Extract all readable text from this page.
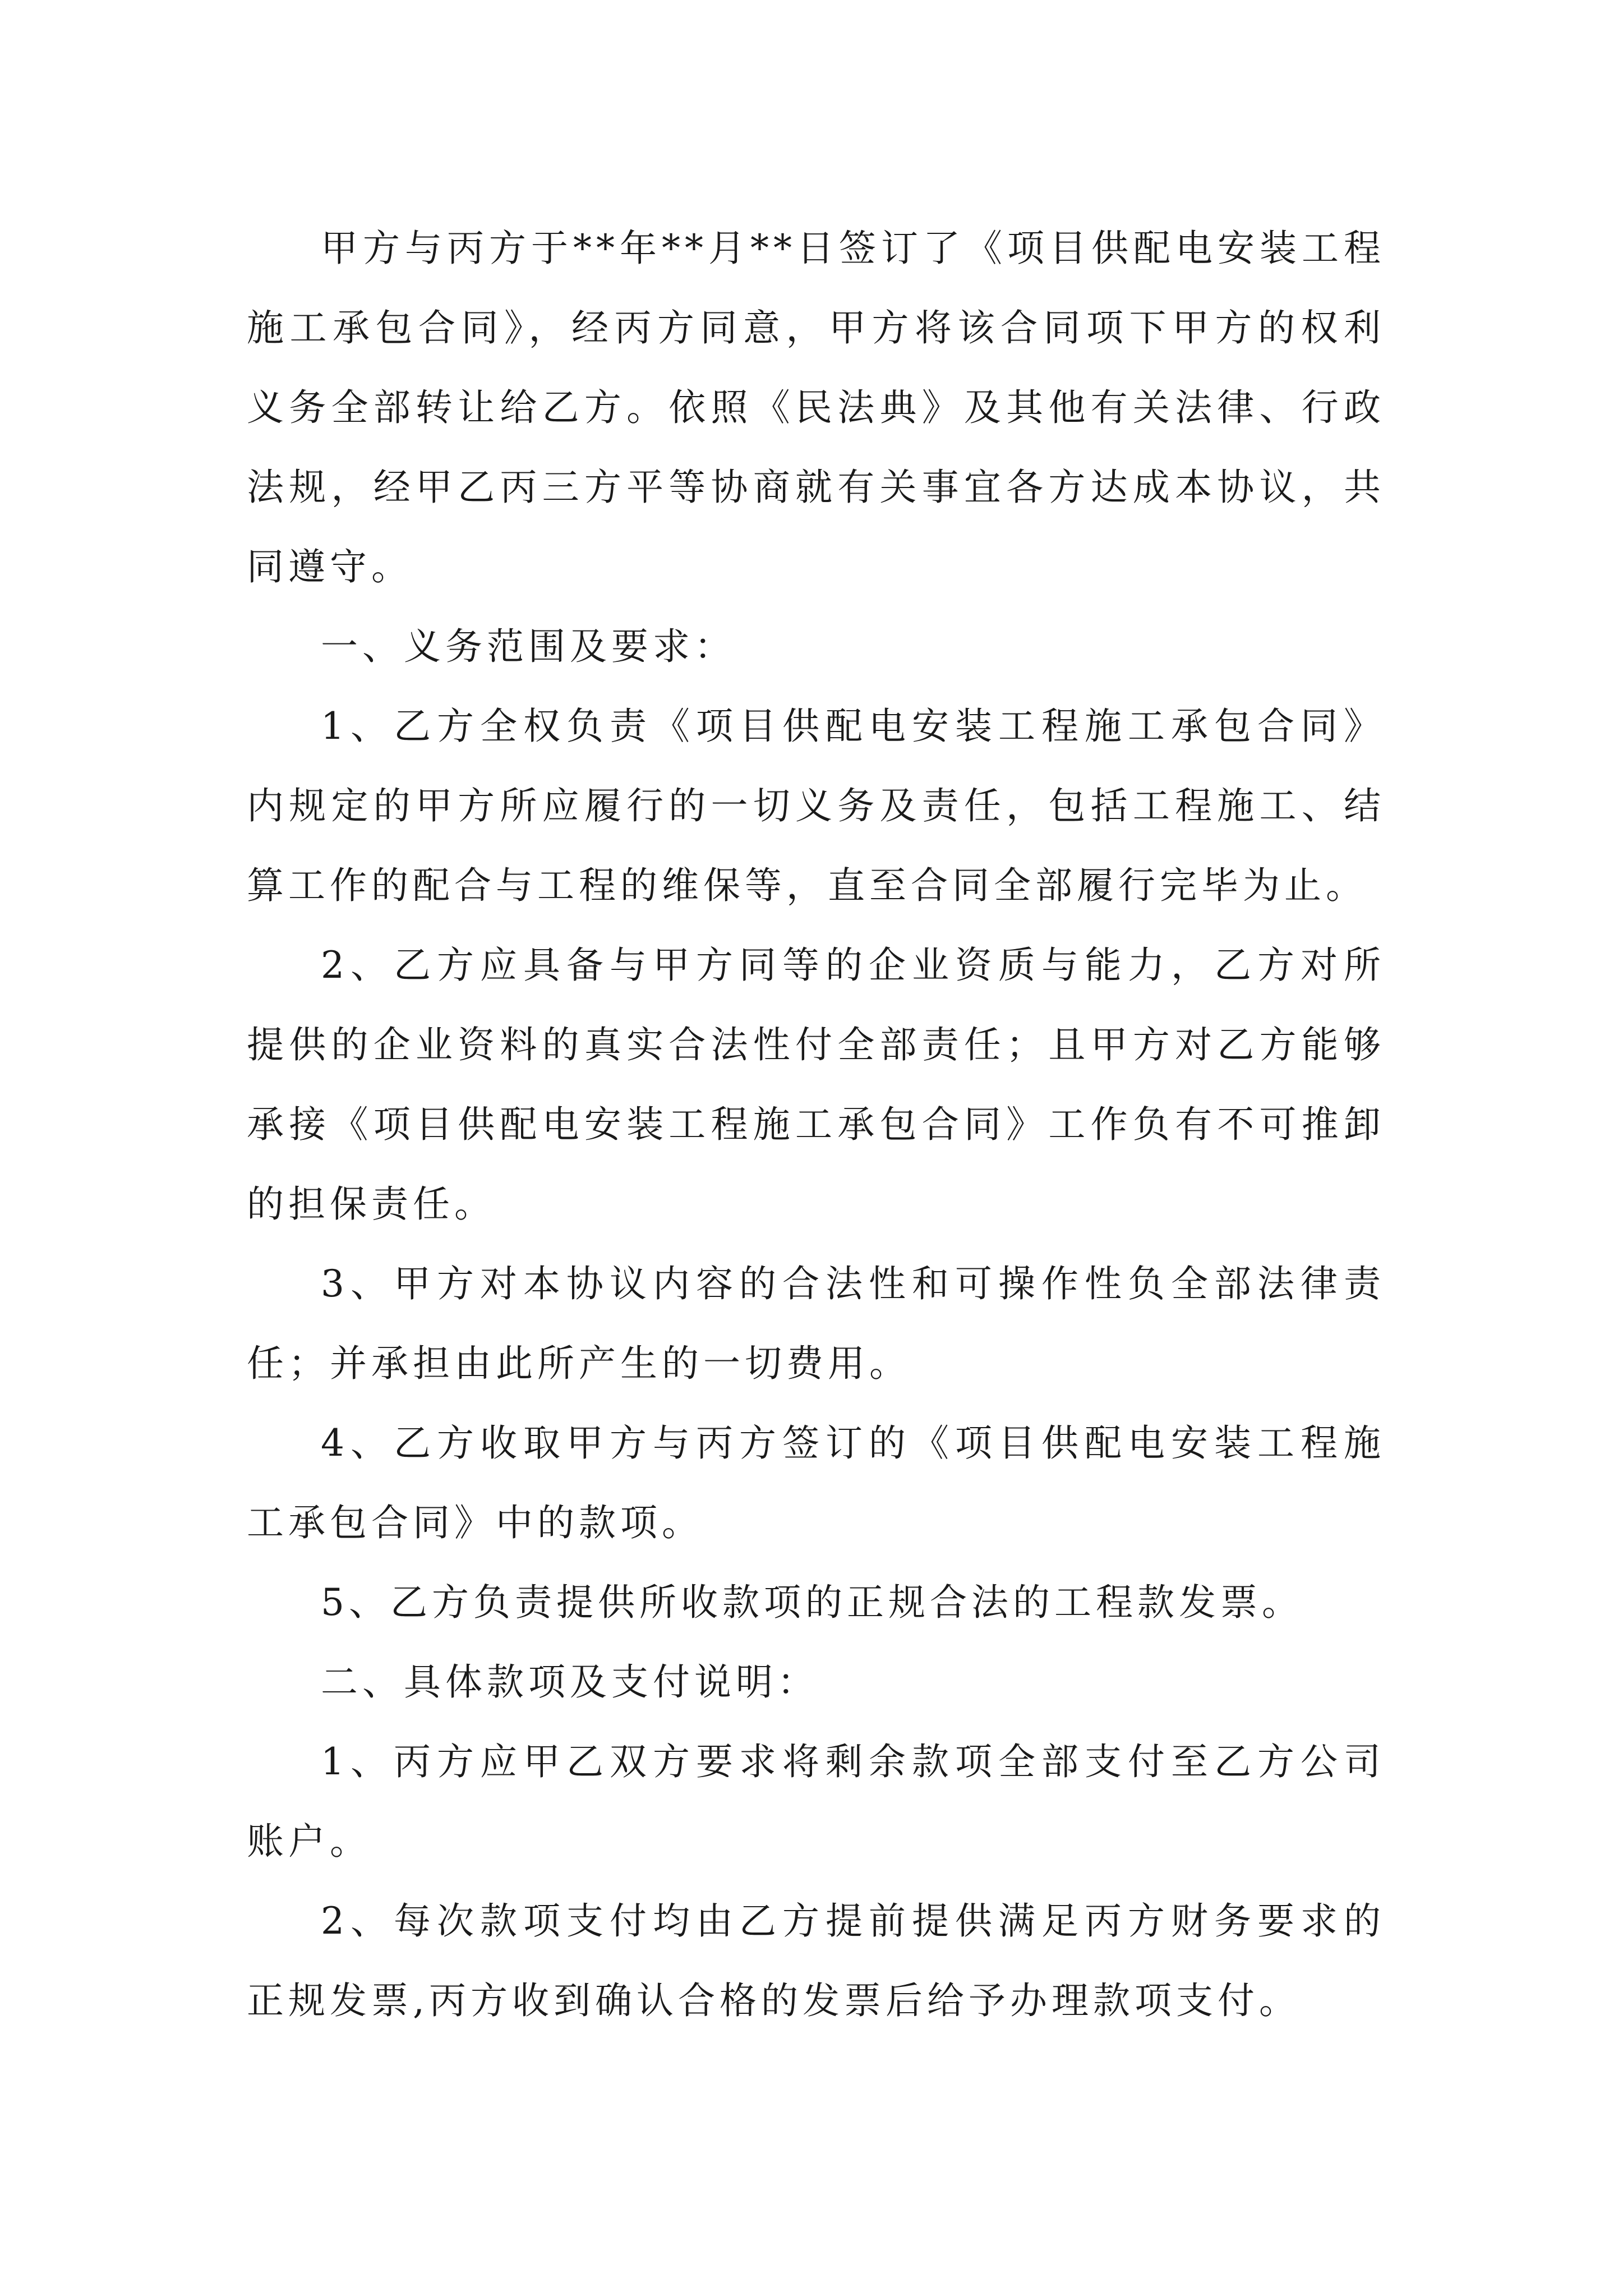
甲方与丙方于**年**月**日签订了《项目供配电安装工程施工承包合同》，经丙方同意，甲方将该合同项下甲方的权利义务全部转让给乙方。依照《民法典》及其他有关法律、行政法规，经甲乙丙三方平等协商就有关事宜各方达成本协议，共同遵守。

一、义务范围及要求：

1、乙方全权负责《项目供配电安装工程施工承包合同》内规定的甲方所应履行的一切义务及责任，包括工程施工、结算工作的配合与工程的维保等，直至合同全部履行完毕为止。

2、乙方应具备与甲方同等的企业资质与能力，乙方对所提供的企业资料的真实合法性付全部责任；且甲方对乙方能够承接《项目供配电安装工程施工承包合同》工作负有不可推卸的担保责任。

3、甲方对本协议内容的合法性和可操作性负全部法律责任；并承担由此所产生的一切费用。

4、乙方收取甲方与丙方签订的《项目供配电安装工程施工承包合同》中的款项。

5、乙方负责提供所收款项的正规合法的工程款发票。

二、具体款项及支付说明：

1、丙方应甲乙双方要求将剩余款项全部支付至乙方公司账户。

2、每次款项支付均由乙方提前提供满足丙方财务要求的正规发票,丙方收到确认合格的发票后给予办理款项支付。
